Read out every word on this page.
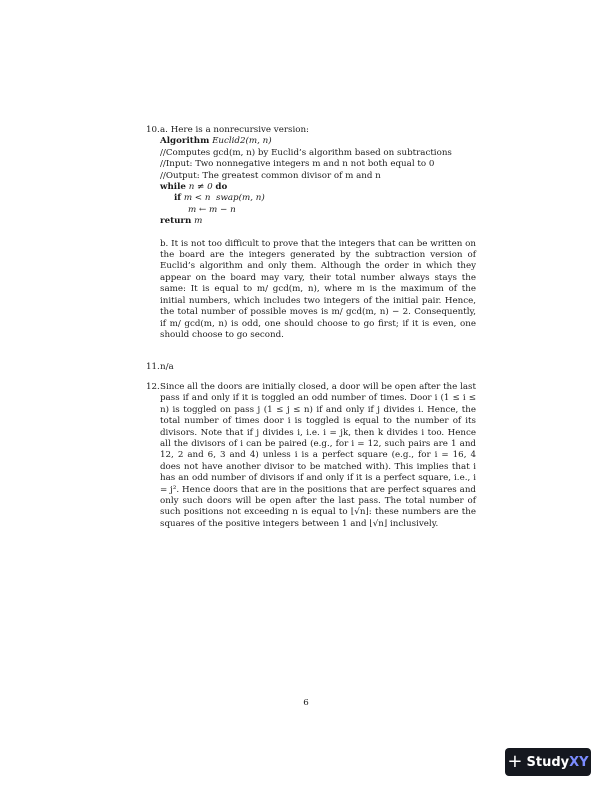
10. a. Here is a nonrecursive version:

Algorithm Euclid2(m, n)
//Computes gcd(m, n) by Euclid’s algorithm based on subtractions
//Input: Two nonnegative integers m and n not both equal to 0
//Output: The greatest common divisor of m and n
while n ≠ 0 do
if m < n swap(m, n)
m ← m − n
return m

b. It is not too difficult to prove that the integers that can be written on the board are the integers generated by the subtraction version of Euclid’s algorithm and only them. Although the order in which they appear on the board may vary, their total number always stays the same: It is equal to m/ gcd(m, n), where m is the maximum of the initial numbers, which includes two integers of the initial pair. Hence, the total number of possible moves is m/ gcd(m, n) − 2. Consequently, if m/ gcd(m, n) is odd, one should choose to go first; if it is even, one should choose to go second.

11. n/a

12. Since all the doors are initially closed, a door will be open after the last pass if and only if it is toggled an odd number of times. Door i (1 ≤ i ≤ n) is toggled on pass j (1 ≤ j ≤ n) if and only if j divides i. Hence, the total number of times door i is toggled is equal to the number of its divisors. Note that if j divides i, i.e. i = jk, then k divides i too. Hence all the divisors of i can be paired (e.g., for i = 12, such pairs are 1 and 12, 2 and 6, 3 and 4) unless i is a perfect square (e.g., for i = 16, 4 does not have another divisor to be matched with). This implies that i has an odd number of divisors if and only if it is a perfect square, i.e., i = j². Hence doors that are in the positions that are perfect squares and only such doors will be open after the last pass. The total number of such positions not exceeding n is equal to ⌊√n⌋: these numbers are the squares of the positive integers between 1 and ⌊√n⌋ inclusively.

6
+ Study XY
